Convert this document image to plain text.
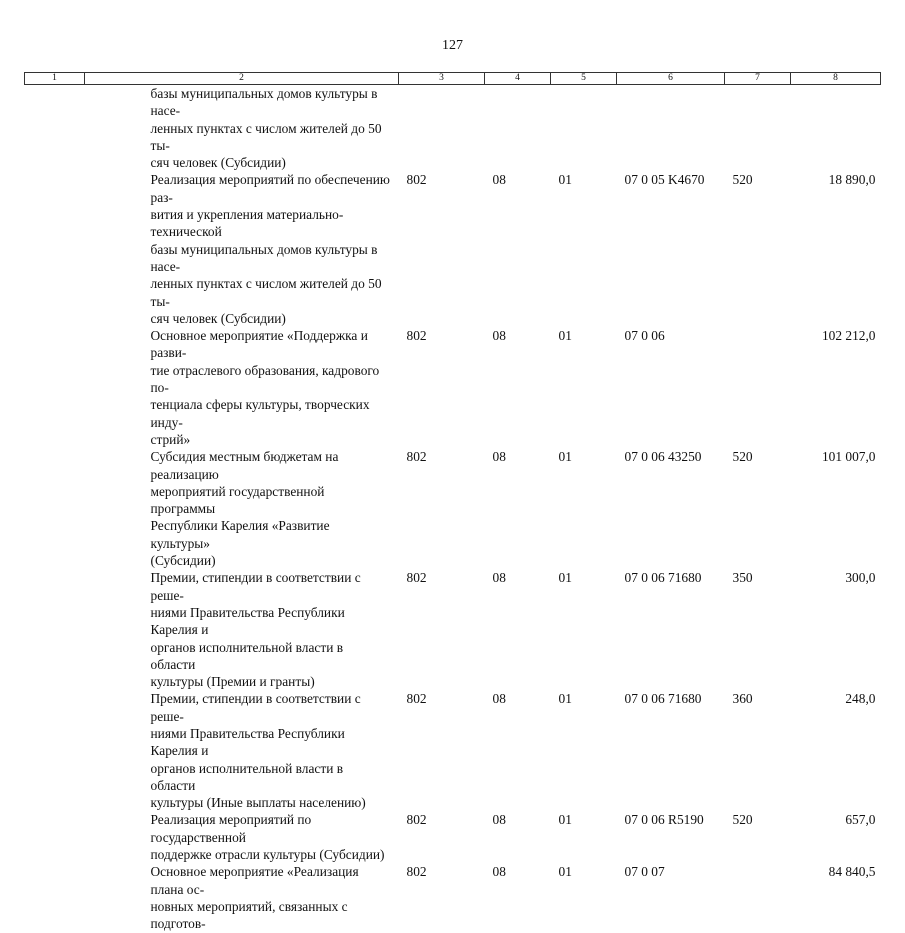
127
1	2	3	4	5	6	7	8

	базы муниципальных домов культуры в насе-
ленных пунктах с числом жителей до 50 ты-
сяч человек (Субсидии)						

	Реализация мероприятий по обеспечению раз-
вития и укрепления материально-технической
базы муниципальных домов культуры в насе-
ленных пунктах с числом жителей до 50 ты-
сяч человек (Субсидии)	802	08	01	07 0 05 K4670	520	18 890,0

	Основное мероприятие «Поддержка и разви-
тие отраслевого образования, кадрового по-
тенциала сферы культуры, творческих инду-
стрий»	802	08	01	07 0 06		102 212,0

	Субсидия местным бюджетам на реализацию
мероприятий государственной программы
Республики Карелия «Развитие культуры»
(Субсидии)	802	08	01	07 0 06 43250	520	101 007,0

	Премии, стипендии в соответствии с реше-
ниями Правительства Республики Карелия и
органов исполнительной власти в области
культуры (Премии и гранты)	802	08	01	07 0 06 71680	350	300,0

	Премии, стипендии в соответствии с реше-
ниями Правительства Республики Карелия и
органов исполнительной власти в области
культуры (Иные выплаты населению)	802	08	01	07 0 06 71680	360	248,0

	Реализация мероприятий по государственной
поддержке отрасли культуры (Субсидии)	802	08	01	07 0 06 R5190	520	657,0

	Основное мероприятие «Реализация плана ос-
новных мероприятий, связанных с подготов-	802	08	01	07 0 07		84 840,5
